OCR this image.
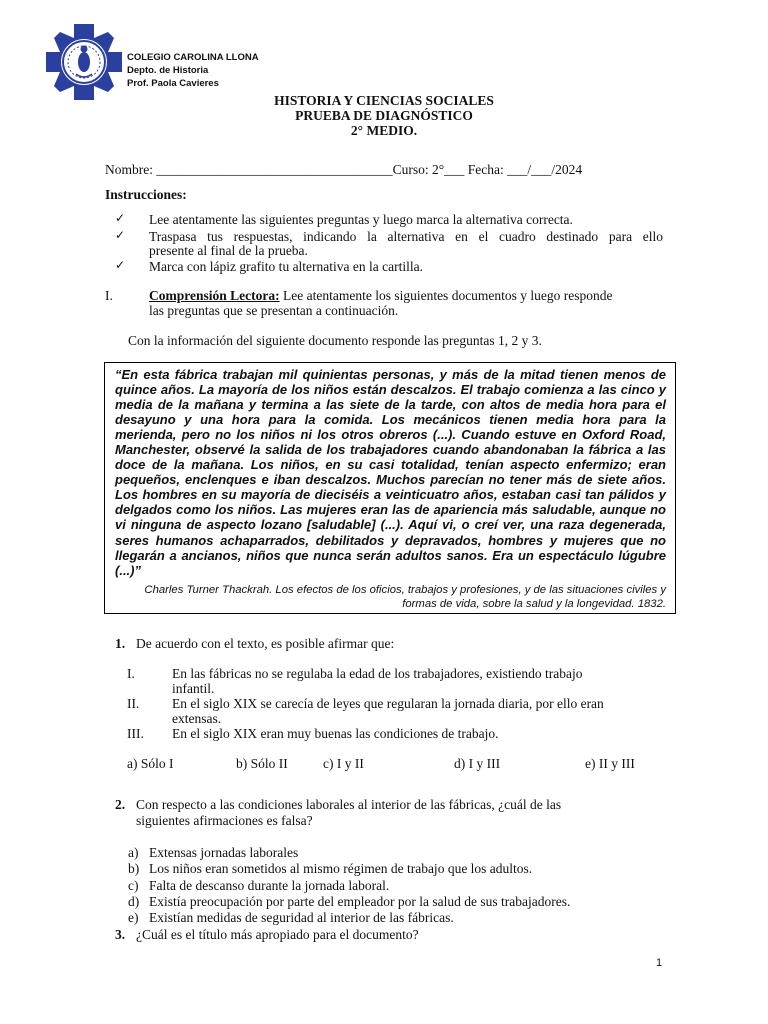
COLEGIO CAROLINA LLONA
Depto. de Historia
Prof. Paola Cavieres
HISTORIA Y CIENCIAS SOCIALES
PRUEBA DE DIAGNÓSTICO
2° MEDIO.
Nombre: ___________________________________Curso: 2°___ Fecha: ___/___/2024
Instrucciones:
✓ Lee atentamente las siguientes preguntas y luego marca la alternativa correcta.
✓ Traspasa tus respuestas, indicando la alternativa en el cuadro destinado para ello
presente al final de la prueba.
✓ Marca con lápiz grafito tu alternativa en la cartilla.
I.	Comprensión Lectora: Lee atentamente los siguientes documentos y luego responde
las preguntas que se presentan a continuación.
Con la información del siguiente documento responde las preguntas 1, 2 y 3.
“En esta fábrica trabajan mil quinientas personas, y más de la mitad tienen menos de quince años. La mayoría de los niños están descalzos. El trabajo comienza a las cinco y media de la mañana y termina a las siete de la tarde, con altos de media hora para el desayuno y una hora para la comida. Los mecánicos tienen media hora para la merienda, pero no los niños ni los otros obreros (...). Cuando estuve en Oxford Road, Manchester, observé la salida de los trabajadores cuando abandonaban la fábrica a las doce de la mañana. Los niños, en su casi totalidad, tenían aspecto enfermizo; eran pequeños, enclenques e iban descalzos. Muchos parecían no tener más de siete años. Los hombres en su mayoría de dieciséis a veinticuatro años, estaban casi tan pálidos y delgados como los niños. Las mujeres eran las de apariencia más saludable, aunque no vi ninguna de aspecto lozano [saludable] (...). Aquí vi, o creí ver, una raza degenerada, seres humanos achaparrados, debilitados y depravados, hombres y mujeres que no llegarán a ancianos, niños que nunca serán adultos sanos. Era un espectáculo lúgubre (...)”
Charles Turner Thackrah. Los efectos de los oficios, trabajos y profesiones, y de las situaciones civiles y formas de vida, sobre la salud y la longevidad. 1832.
1. De acuerdo con el texto, es posible afirmar que:
I.	En las fábricas no se regulaba la edad de los trabajadores, existiendo trabajo
infantil.
II. En el siglo XIX se carecía de leyes que regularan la jornada diaria, por ello eran
extensas.
III. En el siglo XIX eran muy buenas las condiciones de trabajo.
a) Sólo I	b) Sólo II	c) I y II	d) I y III	e) II y III
2. Con respecto a las condiciones laborales al interior de las fábricas, ¿cuál de las
siguientes afirmaciones es falsa?
a) Extensas jornadas laborales
b) Los niños eran sometidos al mismo régimen de trabajo que los adultos.
c) Falta de descanso durante la jornada laboral.
d) Existía preocupación por parte del empleador por la salud de sus trabajadores.
e) Existían medidas de seguridad al interior de las fábricas.
3. ¿Cuál es el título más apropiado para el documento?
1
